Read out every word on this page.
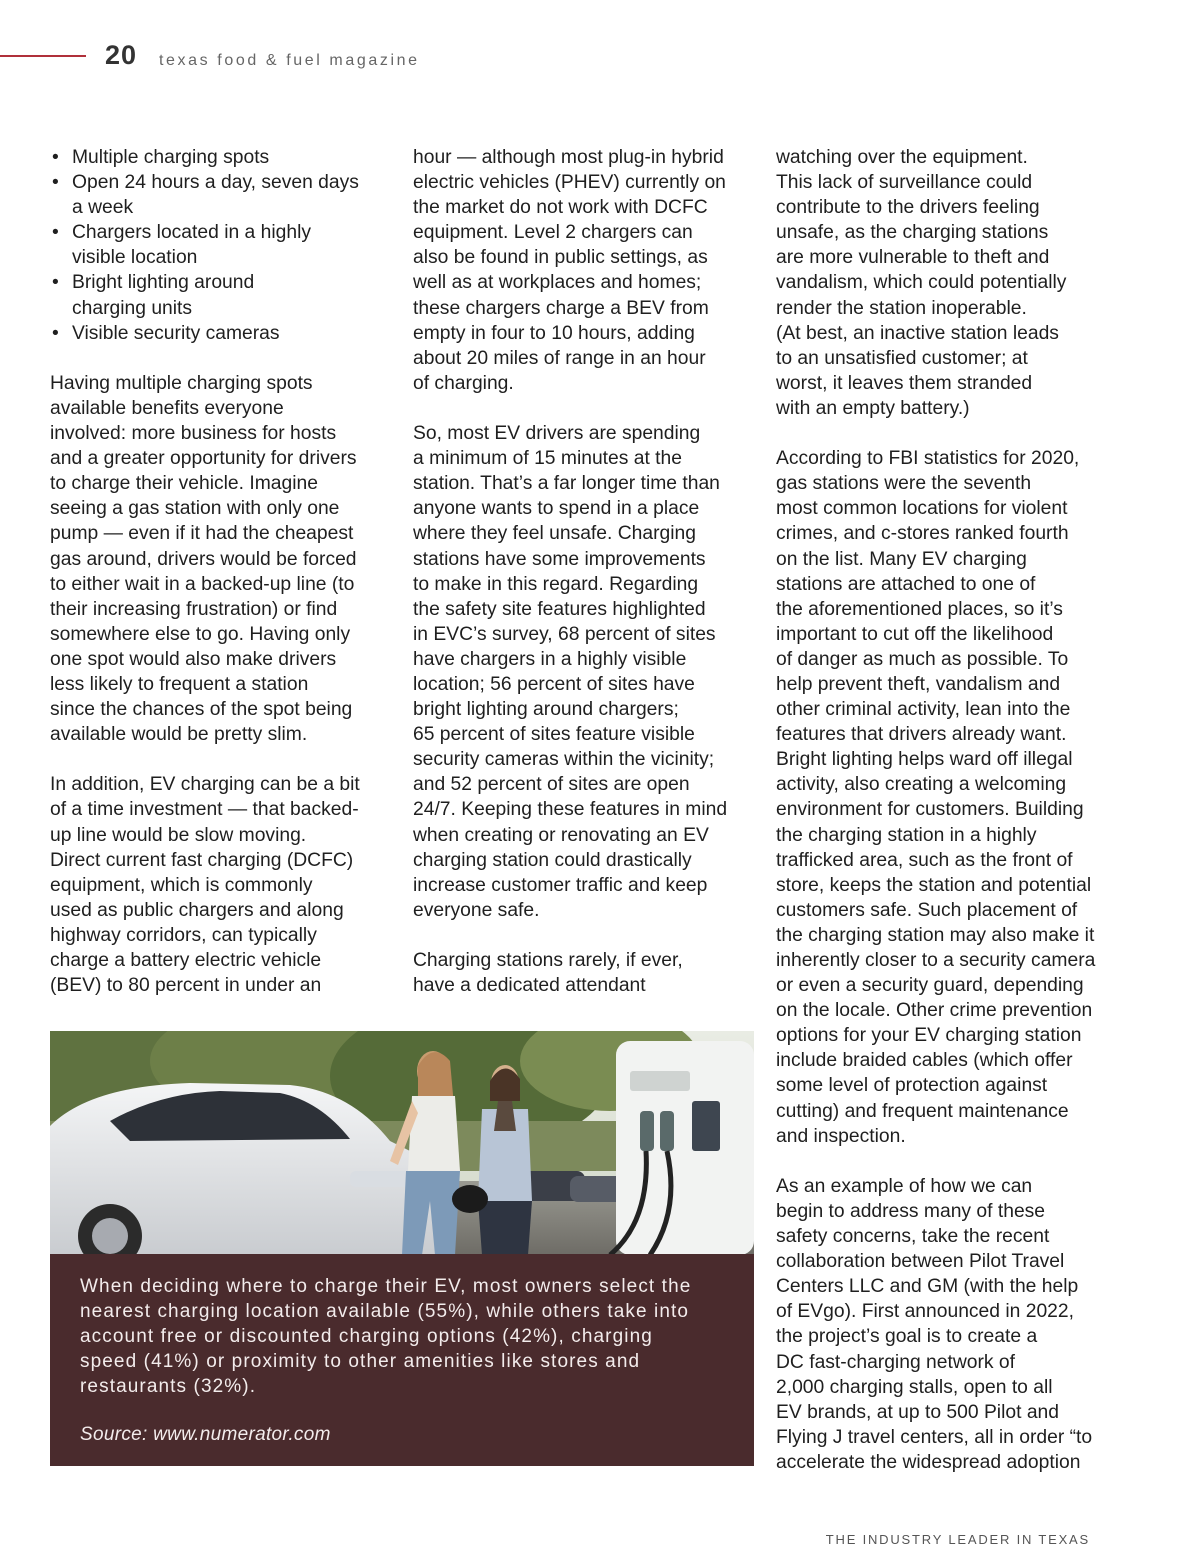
20 texas food & fuel magazine
• Multiple charging spots
• Open 24 hours a day, seven days
a week
• Chargers located in a highly
visible location
• Bright lighting around
charging units
• Visible security cameras
Having multiple charging spots
available benefits everyone
involved: more business for hosts
and a greater opportunity for drivers
to charge their vehicle. Imagine
seeing a gas station with only one
pump — even if it had the cheapest
gas around, drivers would be forced
to either wait in a backed-up line (to
their increasing frustration) or find
somewhere else to go. Having only
one spot would also make drivers
less likely to frequent a station
since the chances of the spot being
available would be pretty slim.
In addition, EV charging can be a bit
of a time investment — that backed-
up line would be slow moving.
Direct current fast charging (DCFC)
equipment, which is commonly
used as public chargers and along
highway corridors, can typically
charge a battery electric vehicle
(BEV) to 80 percent in under an
hour — although most plug-in hybrid
electric vehicles (PHEV) currently on
the market do not work with DCFC
equipment. Level 2 chargers can
also be found in public settings, as
well as at workplaces and homes;
these chargers charge a BEV from
empty in four to 10 hours, adding
about 20 miles of range in an hour
of charging.
So, most EV drivers are spending
a minimum of 15 minutes at the
station. That’s a far longer time than
anyone wants to spend in a place
where they feel unsafe. Charging
stations have some improvements
to make in this regard. Regarding
the safety site features highlighted
in EVC’s survey, 68 percent of sites
have chargers in a highly visible
location; 56 percent of sites have
bright lighting around chargers;
65 percent of sites feature visible
security cameras within the vicinity;
and 52 percent of sites are open
24/7. Keeping these features in mind
when creating or renovating an EV
charging station could drastically
increase customer traffic and keep
everyone safe.
Charging stations rarely, if ever,
have a dedicated attendant
watching over the equipment.
This lack of surveillance could
contribute to the drivers feeling
unsafe, as the charging stations
are more vulnerable to theft and
vandalism, which could potentially
render the station inoperable.
(At best, an inactive station leads
to an unsatisfied customer; at
worst, it leaves them stranded
with an empty battery.)
According to FBI statistics for 2020,
gas stations were the seventh
most common locations for violent
crimes, and c-stores ranked fourth
on the list. Many EV charging
stations are attached to one of
the aforementioned places, so it’s
important to cut off the likelihood
of danger as much as possible. To
help prevent theft, vandalism and
other criminal activity, lean into the
features that drivers already want.
Bright lighting helps ward off illegal
activity, also creating a welcoming
environment for customers. Building
the charging station in a highly
trafficked area, such as the front of
store, keeps the station and potential
customers safe. Such placement of
the charging station may also make it
inherently closer to a security camera
or even a security guard, depending
on the locale. Other crime prevention
options for your EV charging station
include braided cables (which offer
some level of protection against
cutting) and frequent maintenance
and inspection.
As an example of how we can
begin to address many of these
safety concerns, take the recent
collaboration between Pilot Travel
Centers LLC and GM (with the help
of EVgo). First announced in 2022,
the project’s goal is to create a
DC fast-charging network of
2,000 charging stalls, open to all
EV brands, at up to 500 Pilot and
Flying J travel centers, all in order “to
accelerate the widespread adoption
When deciding where to charge their EV, most owners select the
nearest charging location available (55%), while others take into
account free or discounted charging options (42%), charging
speed (41%) or proximity to other amenities like stores and
restaurants (32%).
Source: www.numerator.com
THE INDUSTRY LEADER IN TEXAS
